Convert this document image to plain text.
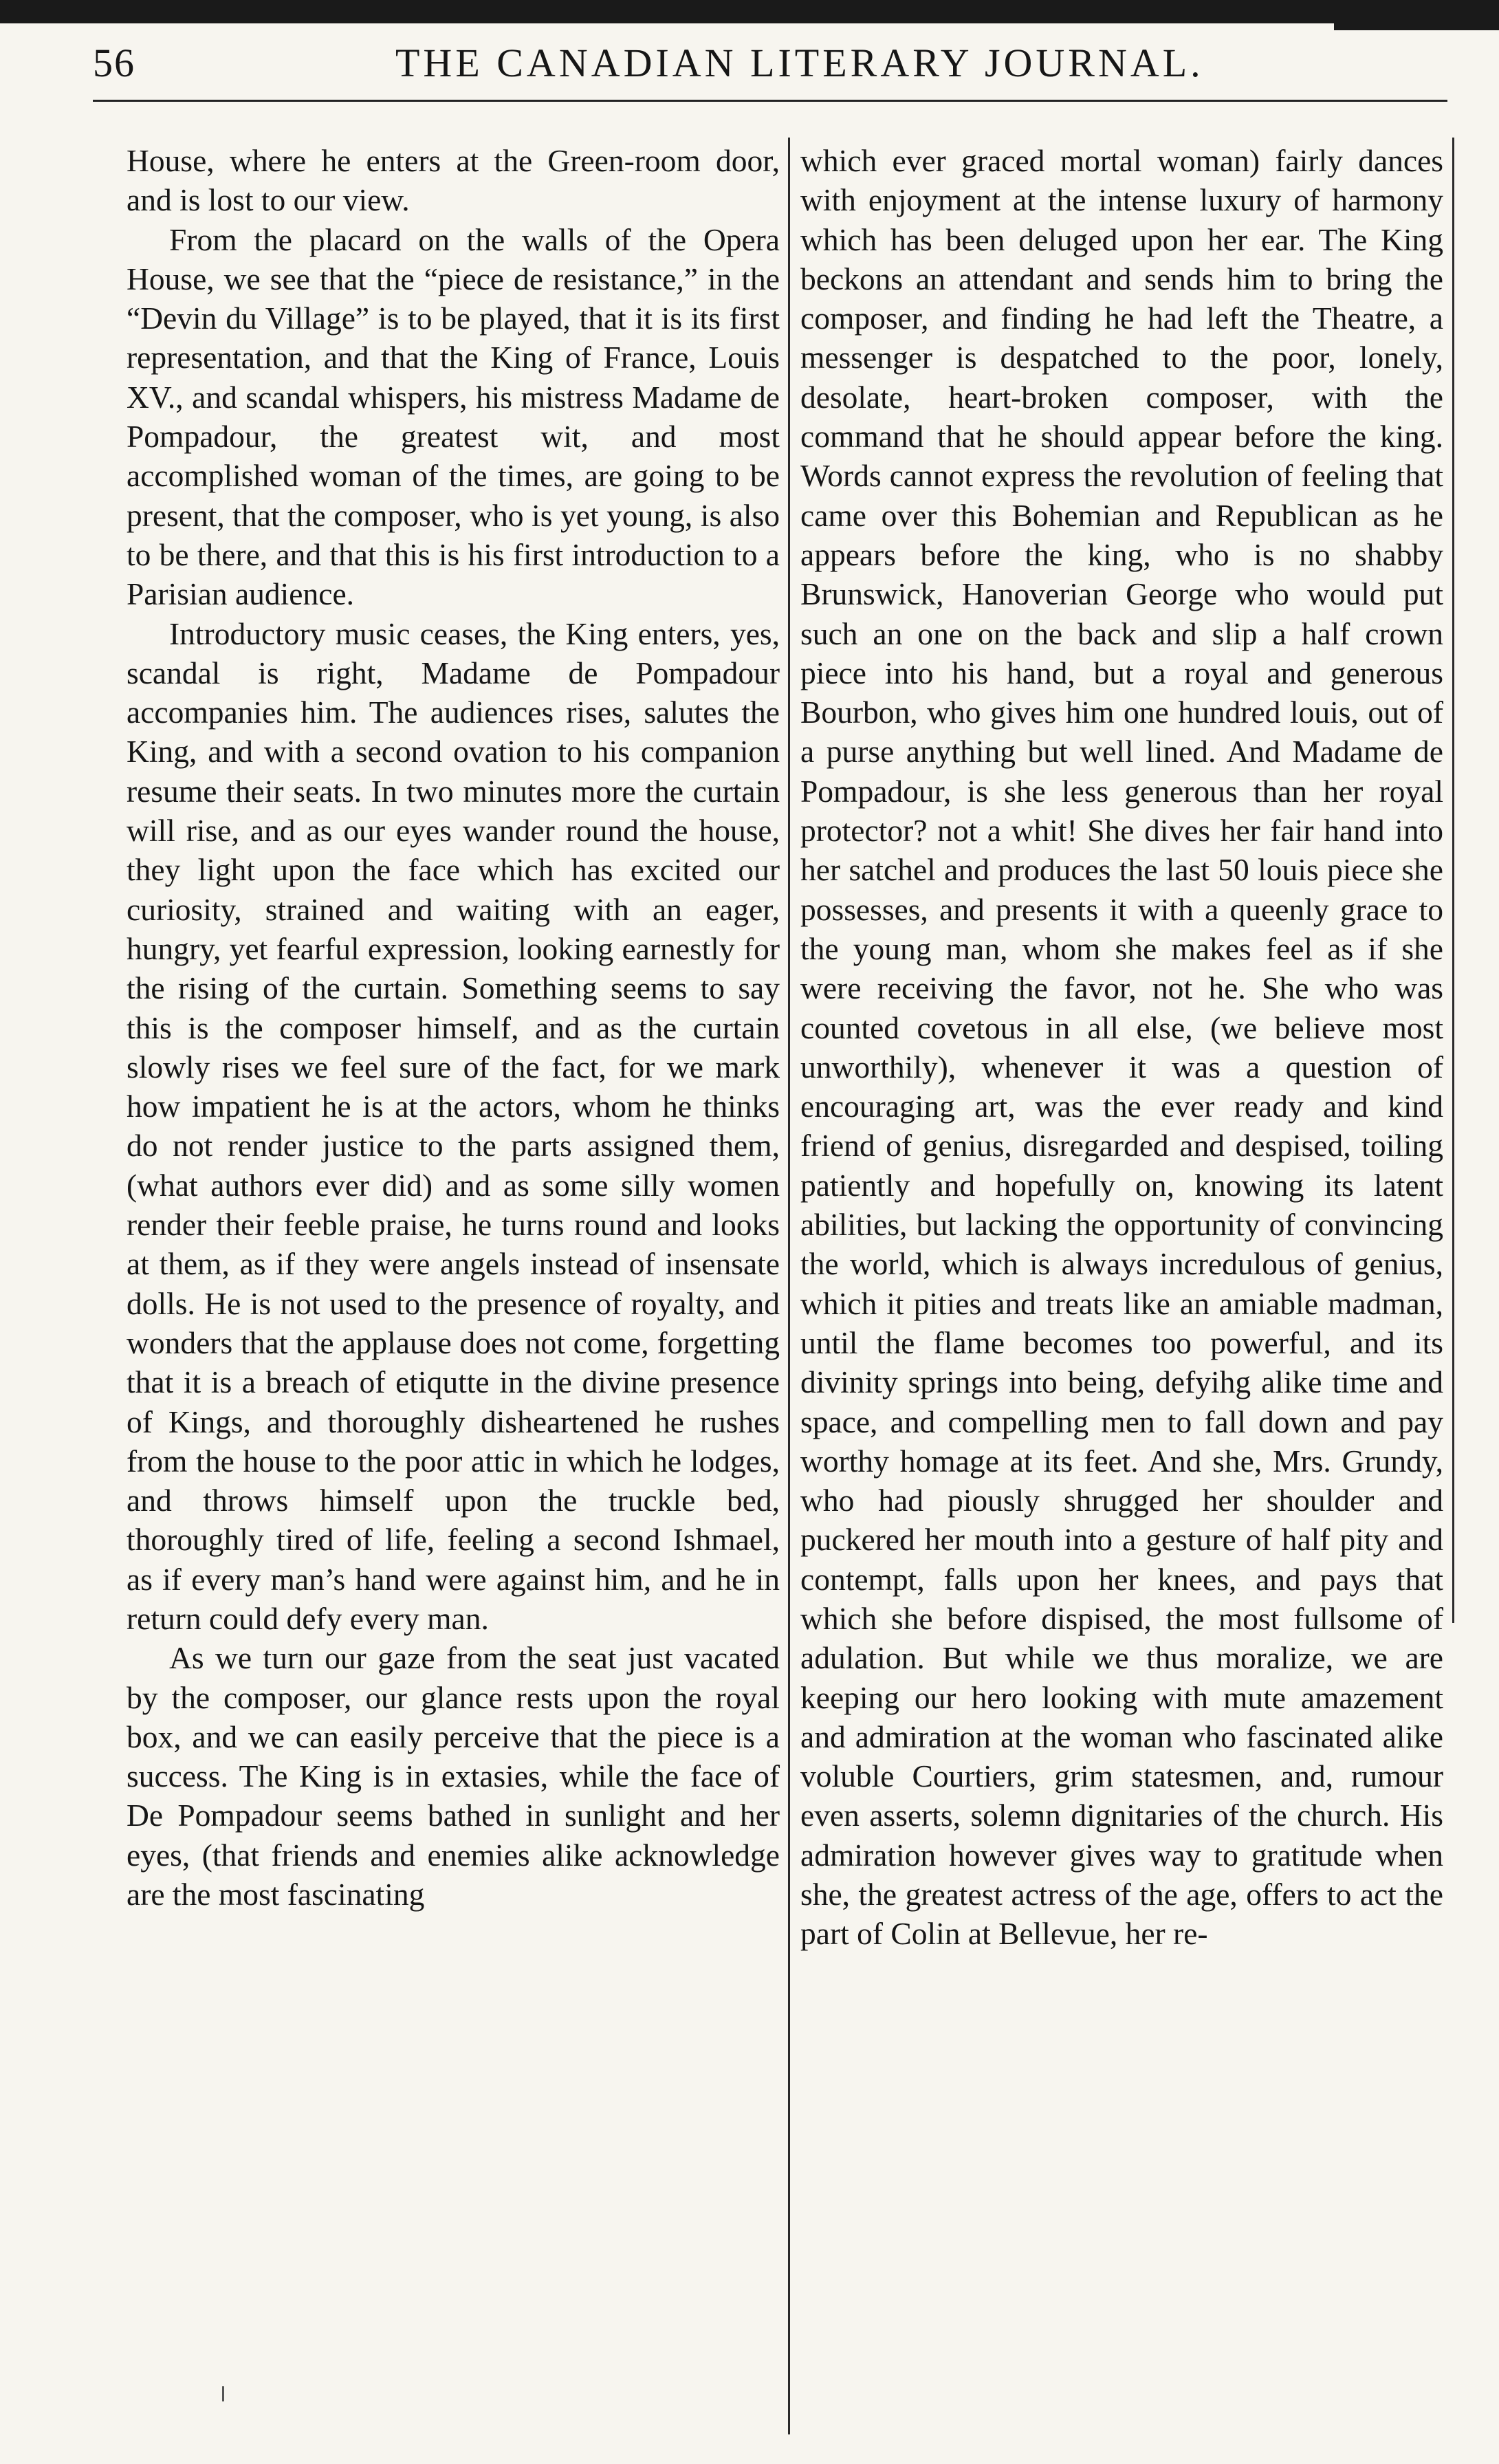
56	THE CANADIAN LITERARY JOURNAL.

House, where he enters at the Green-room door, and is lost to our view.

From the placard on the walls of the Opera House, we see that the “piece de resistance,” in the “Devin du Village” is to be played, that it is its first representation, and that the King of France, Louis XV., and scandal whispers, his mistress Madame de Pompadour, the greatest wit, and most accomplished woman of the times, are going to be present, that the composer, who is yet young, is also to be there, and that this is his first introduction to a Parisian audience.

Introductory music ceases, the King enters, yes, scandal is right, Madame de Pompadour accompanies him. The audiences rises, salutes the King, and with a second ovation to his companion resume their seats. In two minutes more the curtain will rise, and as our eyes wander round the house, they light upon the face which has excited our curiosity, strained and waiting with an eager, hungry, yet fearful expression, looking earnestly for the rising of the curtain. Something seems to say this is the composer himself, and as the curtain slowly rises we feel sure of the fact, for we mark how impatient he is at the actors, whom he thinks do not render justice to the parts assigned them, (what authors ever did) and as some silly women render their feeble praise, he turns round and looks at them, as if they were angels instead of insensate dolls. He is not used to the presence of royalty, and wonders that the applause does not come, forgetting that it is a breach of etiqutte in the divine presence of Kings, and thoroughly disheartened he rushes from the house to the poor attic in which he lodges, and throws himself upon the truckle bed, thoroughly tired of life, feeling a second Ishmael, as if every man’s hand were against him, and he in return could defy every man.

As we turn our gaze from the seat just vacated by the composer, our glance rests upon the royal box, and we can easily perceive that the piece is a success. The King is in extasies, while the face of De Pompadour seems bathed in sunlight and her eyes, (that friends and enemies alike acknowledge are the most fascinating

which ever graced mortal woman) fairly dances with enjoyment at the intense luxury of harmony which has been deluged upon her ear. The King beckons an attendant and sends him to bring the composer, and finding he had left the Theatre, a messenger is despatched to the poor, lonely, desolate, heart-broken composer, with the command that he should appear before the king. Words cannot express the revolution of feeling that came over this Bohemian and Republican as he appears before the king, who is no shabby Brunswick, Hanoverian George who would put such an one on the back and slip a half crown piece into his hand, but a royal and generous Bourbon, who gives him one hundred louis, out of a purse anything but well lined. And Madame de Pompadour, is she less generous than her royal protector? not a whit! She dives her fair hand into her satchel and produces the last 50 louis piece she possesses, and presents it with a queenly grace to the young man, whom she makes feel as if she were receiving the favor, not he. She who was counted covetous in all else, (we believe most unworthily), whenever it was a question of encouraging art, was the ever ready and kind friend of genius, disregarded and despised, toiling patiently and hopefully on, knowing its latent abilities, but lacking the opportunity of convincing the world, which is always incredulous of genius, which it pities and treats like an amiable madman, until the flame becomes too powerful, and its divinity springs into being, defyihg alike time and space, and compelling men to fall down and pay worthy homage at its feet. And she, Mrs. Grundy, who had piously shrugged her shoulder and puckered her mouth into a gesture of half pity and contempt, falls upon her knees, and pays that which she before dispised, the most fullsome of adulation. But while we thus moralize, we are keeping our hero looking with mute amazement and admiration at the woman who fascinated alike voluble Courtiers, grim statesmen, and, rumour even asserts, solemn dignitaries of the church. His admiration however gives way to gratitude when she, the greatest actress of the age, offers to act the part of Colin at Bellevue, her re-
